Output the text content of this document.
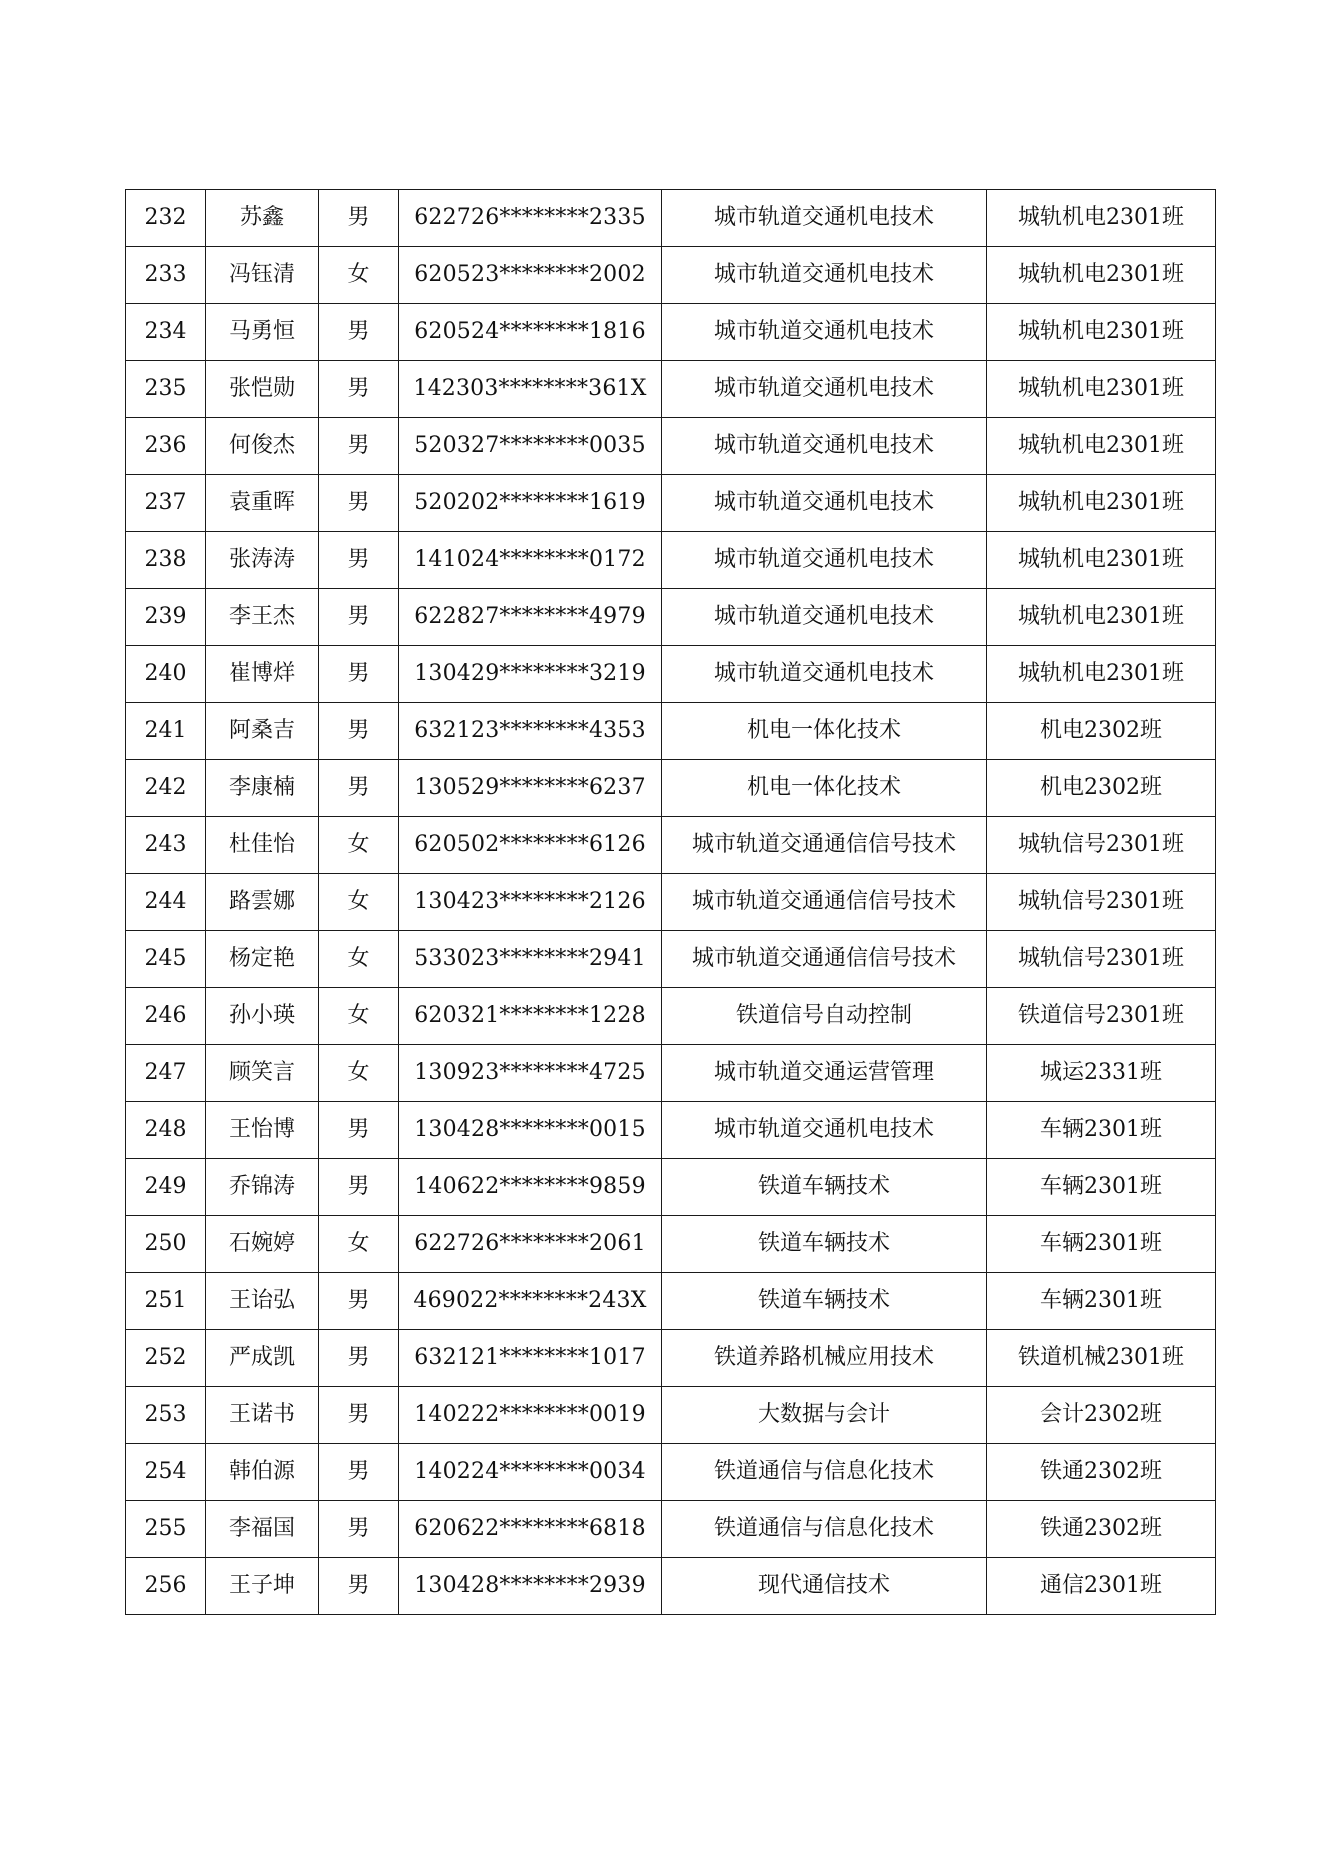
232	苏鑫	男	622726********2335	城市轨道交通机电技术	城轨机电2301班
233	冯钰清	女	620523********2002	城市轨道交通机电技术	城轨机电2301班
234	马勇恒	男	620524********1816	城市轨道交通机电技术	城轨机电2301班
235	张恺勋	男	142303********361X	城市轨道交通机电技术	城轨机电2301班
236	何俊杰	男	520327********0035	城市轨道交通机电技术	城轨机电2301班
237	袁重晖	男	520202********1619	城市轨道交通机电技术	城轨机电2301班
238	张涛涛	男	141024********0172	城市轨道交通机电技术	城轨机电2301班
239	李王杰	男	622827********4979	城市轨道交通机电技术	城轨机电2301班
240	崔博烊	男	130429********3219	城市轨道交通机电技术	城轨机电2301班
241	阿桑吉	男	632123********4353	机电一体化技术	机电2302班
242	李康楠	男	130529********6237	机电一体化技术	机电2302班
243	杜佳怡	女	620502********6126	城市轨道交通通信信号技术	城轨信号2301班
244	路雲娜	女	130423********2126	城市轨道交通通信信号技术	城轨信号2301班
245	杨定艳	女	533023********2941	城市轨道交通通信信号技术	城轨信号2301班
246	孙小瑛	女	620321********1228	铁道信号自动控制	铁道信号2301班
247	顾笑言	女	130923********4725	城市轨道交通运营管理	城运2331班
248	王怡博	男	130428********0015	城市轨道交通机电技术	车辆2301班
249	乔锦涛	男	140622********9859	铁道车辆技术	车辆2301班
250	石婉婷	女	622726********2061	铁道车辆技术	车辆2301班
251	王诒弘	男	469022********243X	铁道车辆技术	车辆2301班
252	严成凯	男	632121********1017	铁道养路机械应用技术	铁道机械2301班
253	王诺书	男	140222********0019	大数据与会计	会计2302班
254	韩伯源	男	140224********0034	铁道通信与信息化技术	铁通2302班
255	李福国	男	620622********6818	铁道通信与信息化技术	铁通2302班
256	王子坤	男	130428********2939	现代通信技术	通信2301班
